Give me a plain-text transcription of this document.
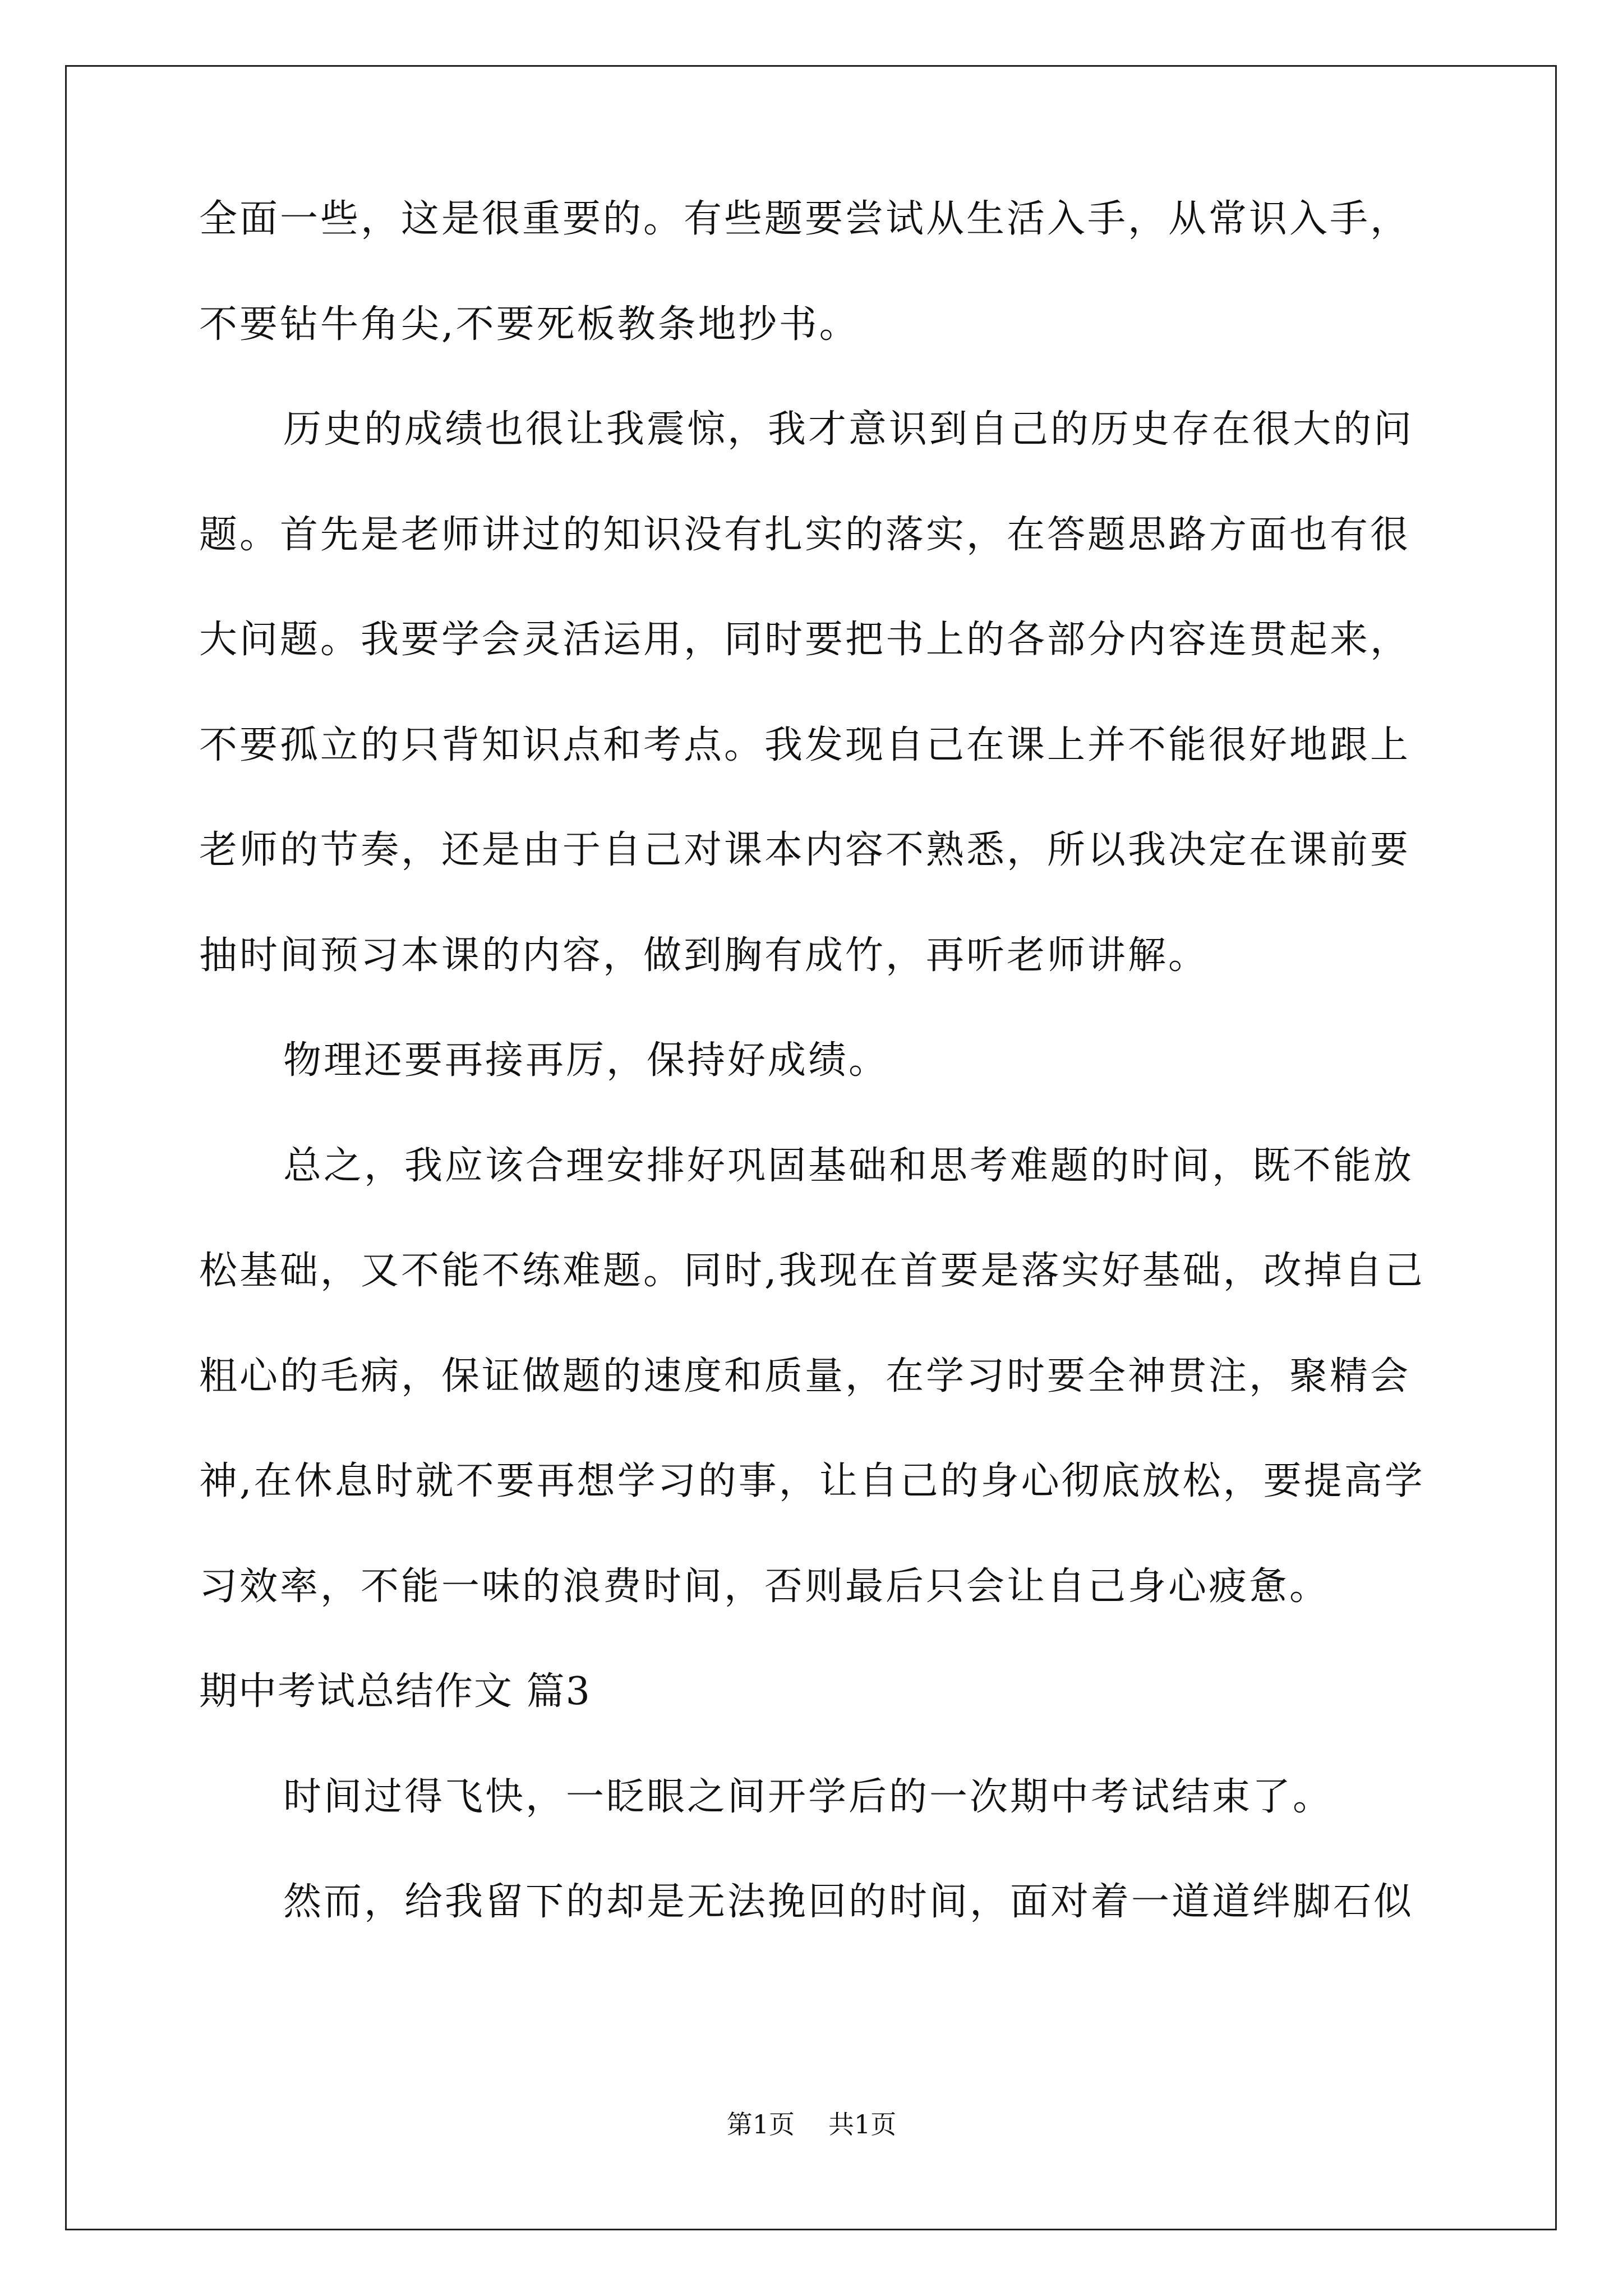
全面一些，这是很重要的。有些题要尝试从生活入手，从常识入手，
不要钻牛角尖,不要死板教条地抄书。
历史的成绩也很让我震惊，我才意识到自己的历史存在很大的问
题。首先是老师讲过的知识没有扎实的落实，在答题思路方面也有很
大问题。我要学会灵活运用，同时要把书上的各部分内容连贯起来，
不要孤立的只背知识点和考点。我发现自己在课上并不能很好地跟上
老师的节奏，还是由于自己对课本内容不熟悉，所以我决定在课前要
抽时间预习本课的内容，做到胸有成竹，再听老师讲解。
物理还要再接再厉，保持好成绩。
总之，我应该合理安排好巩固基础和思考难题的时间，既不能放
松基础，又不能不练难题。同时,我现在首要是落实好基础，改掉自己
粗心的毛病，保证做题的速度和质量，在学习时要全神贯注，聚精会
神,在休息时就不要再想学习的事，让自己的身心彻底放松，要提高学
习效率，不能一味的浪费时间，否则最后只会让自己身心疲惫。
期中考试总结作文 篇3
时间过得飞快，一眨眼之间开学后的一次期中考试结束了。
然而，给我留下的却是无法挽回的时间，面对着一道道绊脚石似
第1页 共1页
